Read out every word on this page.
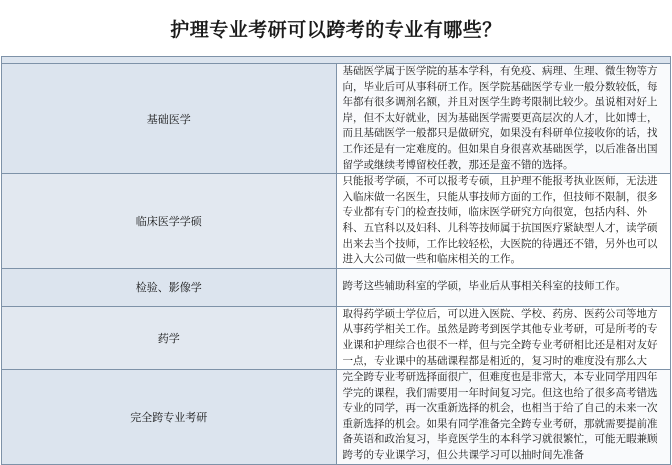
护理专业考研可以跨考的专业有哪些？

基础医学	基础医学属于医学院的基本学科，有免疫、病理、生理、微生物等方向，毕业后可从事科研工作。医学院基础医学专业一般分数较低，每年都有很多调剂名额，并且对医学生跨考限制比较少。虽说相对好上岸，但不太好就业，因为基础医学需要更高层次的人才，比如博士，而且基础医学一般都只是做研究，如果没有科研单位接收你的话，找工作还是有一定难度的。但如果自身很喜欢基础医学，以后准备出国留学或继续考博留校任教，那还是蛮不错的选择。
临床医学学硕	只能报考学硕，不可以报考专硕，且护理不能报考执业医师，无法进入临床做一名医生，只能从事技师方面的工作，但技师不限制，很多专业都有专门的检查技师，临床医学研究方向很宽，包括内科、外科、五官科以及妇科、儿科等技师属于抗国医疗紧缺型人才，读学硕出来去当个技师，工作比较轻松，大医院的待遇还不错，另外也可以进入大公司做一些和临床相关的工作。
检验、影像学	跨考这些辅助科室的学硕，毕业后从事相关科室的技师工作。
药学	取得药学硕士学位后，可以进入医院、学校、药房、医药公司等地方从事药学相关工作。虽然是跨考到医学其他专业考研，可是所考的专业课和护理综合也很不一样，但与完全跨专业考研相比还是相对友好一点，专业课中的基础课程都是相近的，复习时的难度没有那么大
完全跨专业考研	完全跨专业考研选择面很广，但难度也是非常大，本专业同学用四年学完的课程，我们需要用一年时间复习完。但这也给了很多高考错选专业的同学，再一次重新选择的机会，也相当于给了自己的未来一次重新选择的机会。如果有同学准备完全跨专业考研，那就需要提前准备英语和政治复习，毕竟医学生的本科学习就很繁忙，可能无暇兼顾跨考的专业课学习，但公共课学习可以抽时间先准备
